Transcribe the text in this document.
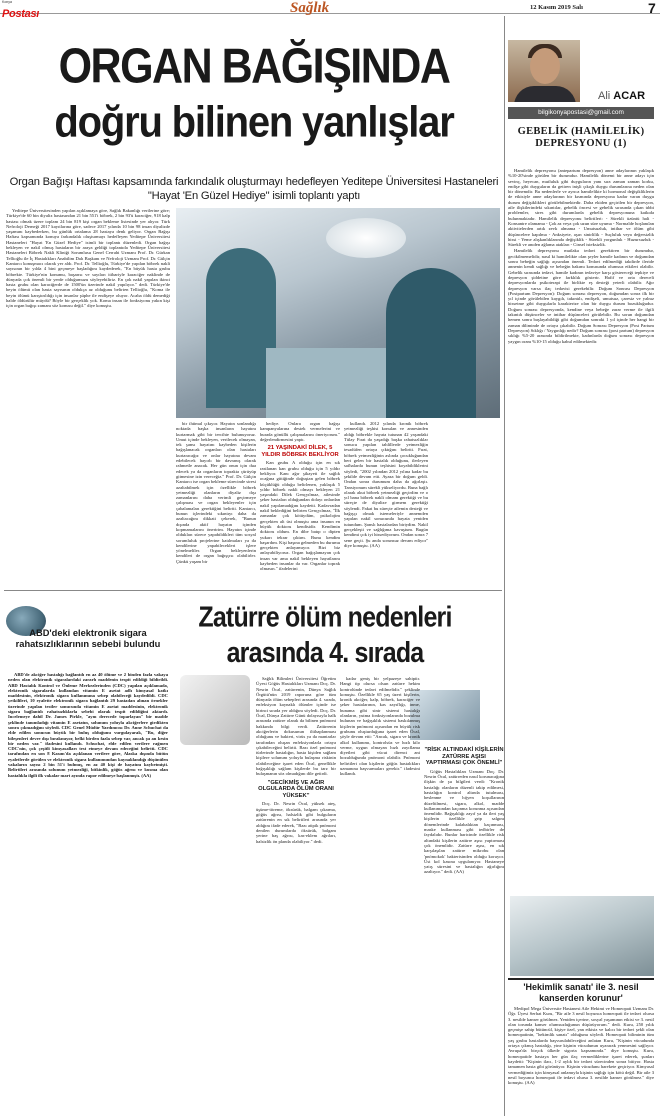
Konya
Postası	Sağlık	12 Kasım 2019 Salı	7
ORGAN BAĞIŞINDA
doğru bilinen yanlışlar
Organ Bağışı Haftası kapsamında farkındalık oluşturmayı hedefleyen Yeditepe Üniversitesi Hastaneleri "Hayat 'En Güzel Hediye" isimli toplantı yaptı

Yeditepe Üniversitesinden yapılan açıklamaya göre, Sağlık Bakanlığı verilerine göre; Türkiye'de 60 bin diyaliz hastasından 21 bin 551'i böbrek, 2 bin 93'ü karaciğer, 918 kalp hastası olmak üzere toplam 24 bin 819 kişi organ bekleme listesinde yer alıyor. Türk Nefroloji Derneği 2017 kayıtlarına göre, sadece 2017 yılında 10 bin 98 insan diyalizde yaşamını kaybederken, bu günlük ortalama 28 hastaya denk geliyor. Organ Bağışı Haftası kapsamında konuya farkındalık oluşturmayı hedefleyen Yeditepe Üniversitesi Hastaneleri "Hayat 'En Güzel Hediye" isimli bir toplantı düzenledi. Organ bağışı bekleyen ve nakil olmuş hastaların bir araya geldiği toplantıda Yeditepe Üniversitesi Hastaneleri Böbrek Nakli Kliniği Sorumlusu Genel Cerrahi Uzmanı Prof. Dr. Gürkan Tellioğlu ile İç Hastalıkları Anabilim Dalı Başkanı ve Nefroloji Uzmanı Prof. Dr. Gülçin Kantarcı konuşmacı olarak yer aldı. Prof. Dr. Tellioğlu, Türkiye'de yapılan böbrek nakli sayısının bir yılda 4 bini geçmeye başladığını kaydederek, "En büyük hasta grubu böbrekte. Türkiye'nin konumu, başarısı ve sayıları itibariyle karaciğer naklinde de dünyada çok önemli bir yerde olduğumuzu söyleyebiliriz. En çok nakil yapılan ikinci hasta grubu olan karaciğerde de 1500'ün üzerinde nakil yapılıyor." dedi. Türkiye'de beyin ölümü olan hasta sayısının oldukça az olduğunu belirten Tellioğlu, "Koma ile beyin ölümü karıştırıldığı için insanlar şüphe ile endişeye oluyor. Acaba öldü demediği halde öldürülür müydü? Böyle bir gerçeklik yok. Koma insan ile fonksiyonu yakın kişi için organ bağışı zamanı söz konusu değil." diye konuştu.

bir ihtimal çıkıyor. Hayatın sonlandığı noktada başka insanların hayatını kurtarmak gibi bir tercihte bulunuyoruz. Umut içinde bekleyen, verilecek olmayan, tek şansı hayatını kaybeden kişilerin bağışlanacak organları olan hastaları kurtaracağız ve onlar hayatına devam edebilecek hayırlı bir davranış olarak rahmetle anacak. Her gün onun için dua edecek ya da organların toprakta çürüyüp gitmesine izin vereceğiz." Prof. Dr. Gülçin Kantarcı ise organ bekleme sürecinde stresi azaltabilmek için özellikle böbrek yetmezliği olanların diyaliz dışı zamanlarını daha verimli geçirmeye çalışması ve organ bekleyenler için çabalamaları gerektiğini belirtti. Kantarcı, bunun içlerindeki sıkıntıyı daha da azaltacağını dikkati çekerek, "Bunun dışında aktif hayatın içinden kopmamalarını öneririm. Hayatın içinde oldukları sürece yapabildikleri tüm sosyal sorumluluk projelerine katılmaları ya da kendilerine yapabilecekleri işlere yönelmeliler. Organ bekleyenlerin kendileri de organ bağışçısı olabilirler. Çünkü yaşam bir

hediye. Onlara organ bağışı kampanyalarına destek vermelerini ve burada gönüllü çalışmalarını öneriyorum." değerlendirmesini yaptı.

21 YAŞINDAKİ DİLEK, 5 YILDIR BÖBREK BEKLİYOR

Kan grubu A olduğu için en sık rastlanan kan grubu olduğu için 5 yıldır bekliyor. Kanı ağır şikayeti ile sağlık ocağına gittiğinde doğuştan gelen böbrek küçüklüğü olduğu belirlenen, yaklaşık 5 yıldır böbrek nakli olmayı bekleyen 21 yaşındaki Dilek Gençyılmaz, ailesinde şeker hastaları olduğundan dolayı onlardan nakil yapılamadığını kaydetti. Kadavradan nakil beklediğini belirten Gençyılmaz, "İlk zamanlar çok kötüydüm, psikolojim gerçekten alt üst olmuştu ama insanın en büyük doktoru kendisidir. Kendimin doktoru oldum. En dibe batıp o dipten yukarı tekrar çıktım. Bunu kendim başardım. Kişi başına gelmeden bu durumu gerçekten anlayamıyor. Bizi biz anlayabiliyoruz. Organ bağışlamayan çok insan var ama nakil bekleyen hayatlarını kaybeden insanlar da var. Organlar toprak olmasın." ifadelerini

kullandı. 2012 yılında kronik böbrek yetmezliği teşhisi konulan ve annesinden aldığı böbrekle hayata tutunan 42 yaşındaki Tülay Fırat da yaşadığı başka rahatsızlıklar sonucu yapılan tahlillerde yetmezliğin tesadüfen ortaya çıktığını belirtti. Fırat, böbrek yetmezliğinin aslında çocukluğundan beri gelen bir hastalık olduğunu, ilerleyen safhalarda bunun teşhisini koyabildiklerini söyledi, "2002 yılından 2012 yılına kadar bu şekilde devam etti. Ayaza bir doğum geldi. Ondan sonra durumum daha da ağırlaştı. Tansiyonum sürekli yükseliyordu. Buna bağlı olarak akut böbrek yetmezliği geçirdim ve o yıl bana böbrek nakli olmam gerektiği ve bu süreçte de diyalize girmem gerektiği söylendi. Fakat bu süreçte ailemin desteği ve bağışçı olmak istemeleriyle annemden yapılan nakil sonucunda hayata yeniden tutundum. Şanslı hastalardan biriydim. Nakil gerçekleşti ve sağlığıma kavuştum. Bugün kendimi çok iyi hissediyorum. Ondan sonra 7 sene geçti. Şu anda sorunsuz devam ediyor" diye konuştu. (AA)

ABD'deki elektronik sigara rahatsızlıklarının sebebi bulundu

ABD'de akciğer hastalığı bağlantılı en az 40 ölüme ve 2 binden fazla vakaya neden olan elektronik sigaralardaki zararlı maddenin tespit edildiği bildirildi. ABD Hastalık Kontrol ve Önleme Merkezlerinden (CDC) yapılan açıklamada, elektronik sigaralarda kullanılan vitamin E asetat adlı kimyasal katkı maddesinin, elektronik sigara kullanımına sebep olabileceği kaydedildi. CDC yetkilileri, 10 eyalette elektronik sigara bağlantılı 29 hastadan alınan örnekler üzerinde yapılan testler sonucunda vitamin E asetat maddesinin, elektronik sigara bağlantılı rahatsızlıklarla sebebi olarak tespit edildiğini aktardı. Incelemeye dahil Dr. James Pirkle, "aynı derecede toparlayan" bir madde şeklinde tanımladığı vitamin E asetatın, solunum yoluyla akciğerlere girdikten sonra çıkmadığını söyledi. CDC Genel Müdür Yardımcısı Dr. Anne Schuchat da elde edilen sonucun büyük bir buluş olduğunu vurgulayarak, "Bu, diğer bileşenleri devre dışı bırakmıyor, belki birden fazla sebep var, ancak şu an kesin bir neden var." ifadesini kullandı. Schuchat, elde edilen verilere rağmen CDC'nin, çok çeşitli kimyasalları test etmeye devam edeceğini belirtti. CDC tarafından en son 8 Kasım'da açıklanan verilere göre, Alaska dışında bütün eyaletlerde görülen ve elektronik sigara kullanımından kaynaklandığı düşünülen vakaların sayısı 2 bin 51'i bulmuş, en az 40 kişi de hayatını kaybetmişti. Belirtileri arasında solunum yetmezliği, bitkinlik, göğüs ağrısı ve kusma olan hastalıkla ilgili ilk vakalar mart ayında rapor edilmeye başlanmıştı. (AA)

Zatürre ölüm nedenleri
arasında 4. sırada

Sağlık Bilimleri Üniversitesi Öğretim Üyesi Göğüs Hastalıkları Uzmanı Doç. Dr. Nesrin Öcal, zatürrenin, Dünya Sağlık Örgütü'nün 2019 raporuna göre tüm dünyada ölüm sebepleri arasında 4. sırada, enfeksiyon kaynaklı ölümler içinde ise birinci sırada yer aldığını söyledi. Doç. Dr. Öcal, Dünya Zatürre Günü dolayısıyla halk arasında zatürre olarak da bilinen pnömoni hakkında bilgi verdi. Zatürrenin akciğerlerin dokusunun iltihaplanması olduğunu ve bakteri, virüs ya da mantarlar tarafından oluşan enfeksiyonlarla ortaya çıkabileceğini belirtti. Bazı özel pnömoni türlerinde hastalığın, hasta kişiden sağlam kişilere solunum yoluyla bulaşma riskinin olabileceğine işaret eden Öcal, genellikle bağışıklığı sağlam kişilerde bu tarz bir bulaşmanın söz olmadığını dile getirdi.

"GECİKMİŞ VE AĞIR OLGULARDA ÖLÜM ORANI YÜKSEK"

Doç. Dr. Nesrin Öcal, yüksek ateş, üşüme-titreme, öksürük, balgam çıkarma, göğüs ağrısı, halsizlik gibi bulguların zatürrenin en sık belirtileri arasında yer aldığını ifade ederek, "Bazı atipik pnömoni denilen durumlarda öksürük, balgam yerine baş ağrısı, kas-eklem ağrıları, halsizlik ön planda olabiliyor." dedi.

kadar geniş bir yelpazeye sahiptir. Hangi tip olursa olsun zatürre hekim kontrolünde tedavi edilmelidir." şeklinde konuştu. Özellikle 65 yaş üzeri kişilerin, kronik akciğer, kalp, böbrek, karaciğer ve şeker hastalarının, kas zayıflığı, inme, bunama gibi sinir sistemi hastalığı olanların, yutma fonksiyonlarında bozulma bulunan ve bağışıklık sistemi baskılanmış kişilerin pnömoni açısından en büyük risk grubunu oluşturduğuna işaret eden Öcal, şöyle devam etti: "Ancak, sigara ve kronik alkol kullanımı, kontrolsüz ve hızlı kilo verme, uygun olmayan hızlı zayıflama diyetleri gibi vücut direnci ani bozulduğunda pnömoni olabilir. Pnömoni belirtileri olan kişilerin göğüs hastalıkları uzmanına başvurmaları gerekir." ifadesini kullandı.

"RİSK ALTINDAKİ KİŞİLERİN ZATÜRRE AŞISI YAPTIRMASI ÇOK ÖNEMLİ"

Göğüs Hastalıkları Uzmanı Doç. Dr. Nesrin Öcal, zatürreden nasıl korunacağına ilişkin de şu bilgileri verdi: "Kronik hastalığı olanların düzenli takip edilmesi, hastalığın kontrol altında tutulması, beslenme ve hijyen koşullarının düzeltilmesi, sigara, alkol, madde kullanımından kaçınma korunma açısından önemlidir. Bağışıklığı zayıf ya da ileri yaş kişilerin özellikle grip salgını dönemlerinde kalabalıktan kaçınması, maske kullanması gibi tedbirler de faydalıdır. Bunlar haricinde özellikle risk altındaki kişilerin zatürre aşısı yaptırması çok önemlidir. Zatürre aşısı, en sık karşılaşılan zatürre mikrobu olan 'pnömokok' bakterisinden olduğu koruyor. Üst kol kasına uygulanıyor. Hastaneye yatış süresini ve hastalığın ağırlığını azaltıyor." dedi. (AA)

Ali ACAR
bilgikonyapostasi@gmail.com
GEBELİK (HAMİLELİK) DEPRESYONU (1)

Hamilelik depresyonu (antepartum depresyon) anne adaylarının yaklaşık %10-20'sinde görülen bir durumdur. Hamilelik dönemi bir anne adayı için sevinç, heyecan, mutluluk gibi duyguların yanı sıra zaman zaman korku, endişe gibi duyguların da getiren inişli çıkışlı duygu durumlarına neden olan bir dönemdir. Bu nedenlerle ve ayrıca hamilelikte ki hormonal değişikliklerin de etkisiyle anne adaylarının bir kısmında depresyona kadar varan duygu durum değişiklikleri görülebilmektedir. Daha ekiden geçirilen bir depresyon, aile ilişkilerindeki sıkıntılar, gebelik öncesi ve gebelik sırasında çıkan tıbbi problemler, stres gibi durumlarda gebelik depresyonuna katkıda bulunmaktadır. Hamilelik depresyonu belirtileri: - Sürekli üzüntü hali - Konsantre olamama - Çok az veya çok uzun süre uyuma - Normalde hoşlanılan aktivitelerden artık zevk almama - Umutsuzluk, intihar ve ölüm gibi düşüncelere kapılma - Anksiyete, aşırı sinirlilik - Suçluluk veya değersizlik hissi - Yeme alışkanlıklarında değişiklik - Sürekli yorgunluk - Huzursuzluk - Sürekli ve anıden ağlama atakları - Cinsel isteksizlik.

Hamilelik depresyonu mutlaka tedavi gerektiren bir durumdur, gecikilmemelidir, nasıl ki hamilelikte olan şeyler hamile kadının ve doğumdan sonra bebeğin sağlığı açısından önemli. Tedavi edilmediği takdirde ileride annenin kendi sağlığı ve bebeğin bakımı konusunda olumsuz etkileri olabilir. Gebelik sırasında tedavi, hamile kadının tedaviye karşı göstereceği tepkiye ve depresyon şiddetine göre farklılık gösterir. Hafif ve orta dereceli depresyonlarda psikoterapi ile birlikte eş desteği yeterli olabilir. Ağır depresyon varsa ilaç tedavisi gerekebilir. Doğum Sonrası Depresyon (Postpartum Depresyon): Doğum sonrası depresyon, doğumdan sonra ilk bir yıl içinde görülebilen kaygılı, takıntılı, endişeli, umutsuz, çaresiz ve yalnız hissetme gibi duygularla karakterize olan bir duygu durum bozukluğudur. Doğum sonrası depresyonda, kendine veya bebeğe zarar verme ile ilgili takıntılı düşünceler ve intihar düşünceleri görülebilir. Bu sorun doğumdan hemen sonra başlayabildiği gibi doğumdan sonraki 1 yıl içinde her hangi bir zaman diliminde de ortaya çıkabilir. Doğum Sonrası Depresyon (Post Partum Depresyon) Sıklığı / Yaygınlığı nedir? Doğum sonrası (post partum) depresyon sıklığı %5-20 arasında bildirilmekte, kadınlarda doğum sonrası depresyon yaygın oranı %10-15 olduğu kabul edilmektedir.

'Hekimlik sanatı' ile 3. nesil kanserden korunur'

Medipol Mega Üniversite Hastanesi Aile Hekimi ve Homeopati Uzmanı Dr. Öğr. Üyesi Serhat Kuru, "Bir aile 3 nesil boyunca homeopati ile tedavi olursa 3. nesilde kanser görülmez. Yeniden içerine, sosyal yaşamının etkisi ve 3. nesil olan torunda kanser olumsuzluğunun düşürüyorum." dedi. Kuru, 250 yılık geçmişe sahip bütüncül, kişiye özel, yan etkisiz ve kalıcı bir tedavi şekli olan homeopatinin, "hekimlik sanatı" olduğunu söyledi. Homeopati biliminin tüm yaş grubu hastalarda başvurulabileceğini anlatan Kuru, "Kişinin vücudunda ortaya çıkmış hastalığı, yine kişinin vücudunun uyararak yenmesini sağlıyor. Avrupa'da birçok ülkede sigorta kapsamında." diye konuştu. Kuru, homeopatide hastaya her gün ilaç vermediklerine işaret ederek, şunları kaydetti: "Kişinin ilacı, 1-2 aylık bir tedavi sürecinden sonra bitiyor. Hasta tamamen hasta gibi görünüyor. Kişinin vücudunu harekete geçiriyor. Kimyasal vermediğimiz için kimyasal anlamıyla kişinin sağlığı için kötü değil. Bir aile 3 nesil boyunca homeopati ile tedavi olursa 3. nesilde kanser görülmez." diye konuştu. (AA)
